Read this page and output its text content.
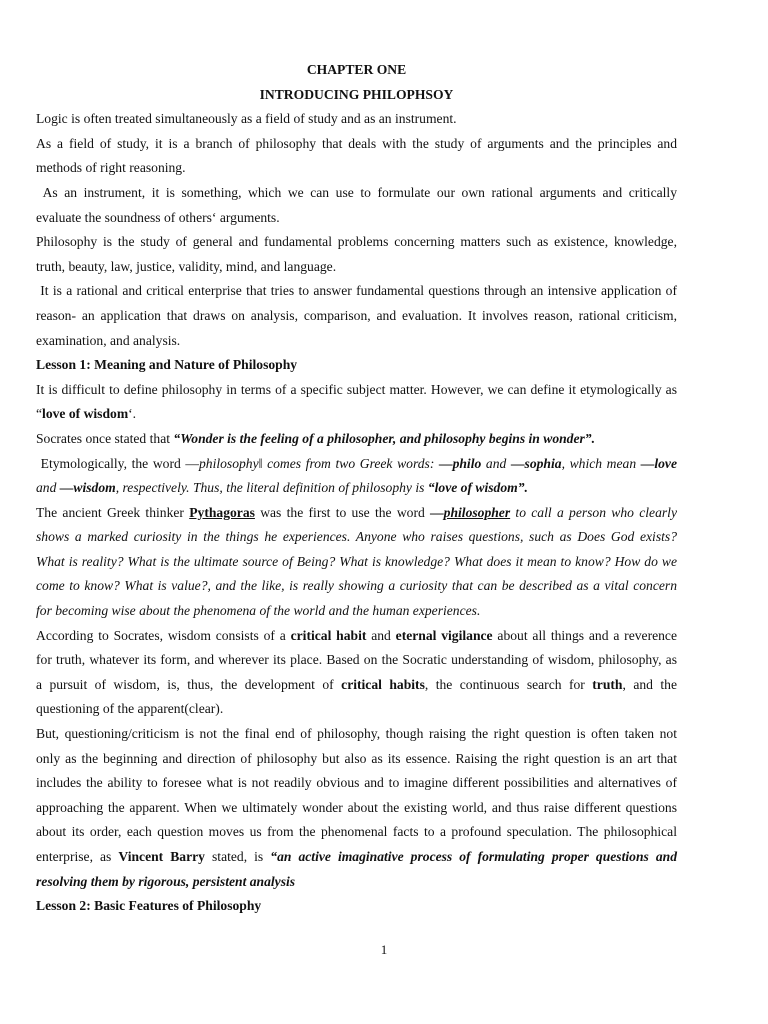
CHAPTER ONE
INTRODUCING PHILOPHSOY
Logic is often treated simultaneously as a field of study and as an instrument.
As a field of study, it is a branch of philosophy that deals with the study of arguments and the principles and
methods of right reasoning.
As an instrument, it is something, which we can use to formulate our own rational arguments and critically
evaluate the soundness of others‘ arguments.
Philosophy is the study of general and fundamental problems concerning matters such as existence, knowledge,
truth, beauty, law, justice, validity, mind, and language.
It is a rational and critical enterprise that tries to answer fundamental questions through an intensive application of
reason- an application that draws on analysis, comparison, and evaluation. It involves reason, rational criticism,
examination, and analysis.
Lesson 1: Meaning and Nature of Philosophy
It is difficult to define philosophy in terms of a specific subject matter. However, we can define it etymologically as
“love of wisdom‘.
Socrates once stated that “Wonder is the feeling of a philosopher, and philosophy begins in wonder”.
Etymologically, the word ―philosophy‖ comes from two Greek words: ―philo and ―sophia, which mean ―love
and ―wisdom, respectively. Thus, the literal definition of philosophy is “love of wisdom”.
The ancient Greek thinker Pythagoras was the first to use the word ―philosopher to call a person who clearly
shows a marked curiosity in the things he experiences. Anyone who raises questions, such as Does God exists?
What is reality? What is the ultimate source of Being? What is knowledge? What does it mean to know? How do we
come to know? What is value?, and the like, is really showing a curiosity that can be described as a vital concern
for becoming wise about the phenomena of the world and the human experiences.
According to Socrates, wisdom consists of a critical habit and eternal vigilance about all things and a reverence
for truth, whatever its form, and wherever its place. Based on the Socratic understanding of wisdom, philosophy, as
a pursuit of wisdom, is, thus, the development of critical habits, the continuous search for truth, and the
questioning of the apparent(clear).
But, questioning/criticism is not the final end of philosophy, though raising the right question is often taken not
only as the beginning and direction of philosophy but also as its essence. Raising the right question is an art that
includes the ability to foresee what is not readily obvious and to imagine different possibilities and alternatives of
approaching the apparent. When we ultimately wonder about the existing world, and thus raise different questions
about its order, each question moves us from the phenomenal facts to a profound speculation. The philosophical
enterprise, as Vincent Barry stated, is “an active imaginative process of formulating proper questions and
resolving them by rigorous, persistent analysis
Lesson 2: Basic Features of Philosophy
1
